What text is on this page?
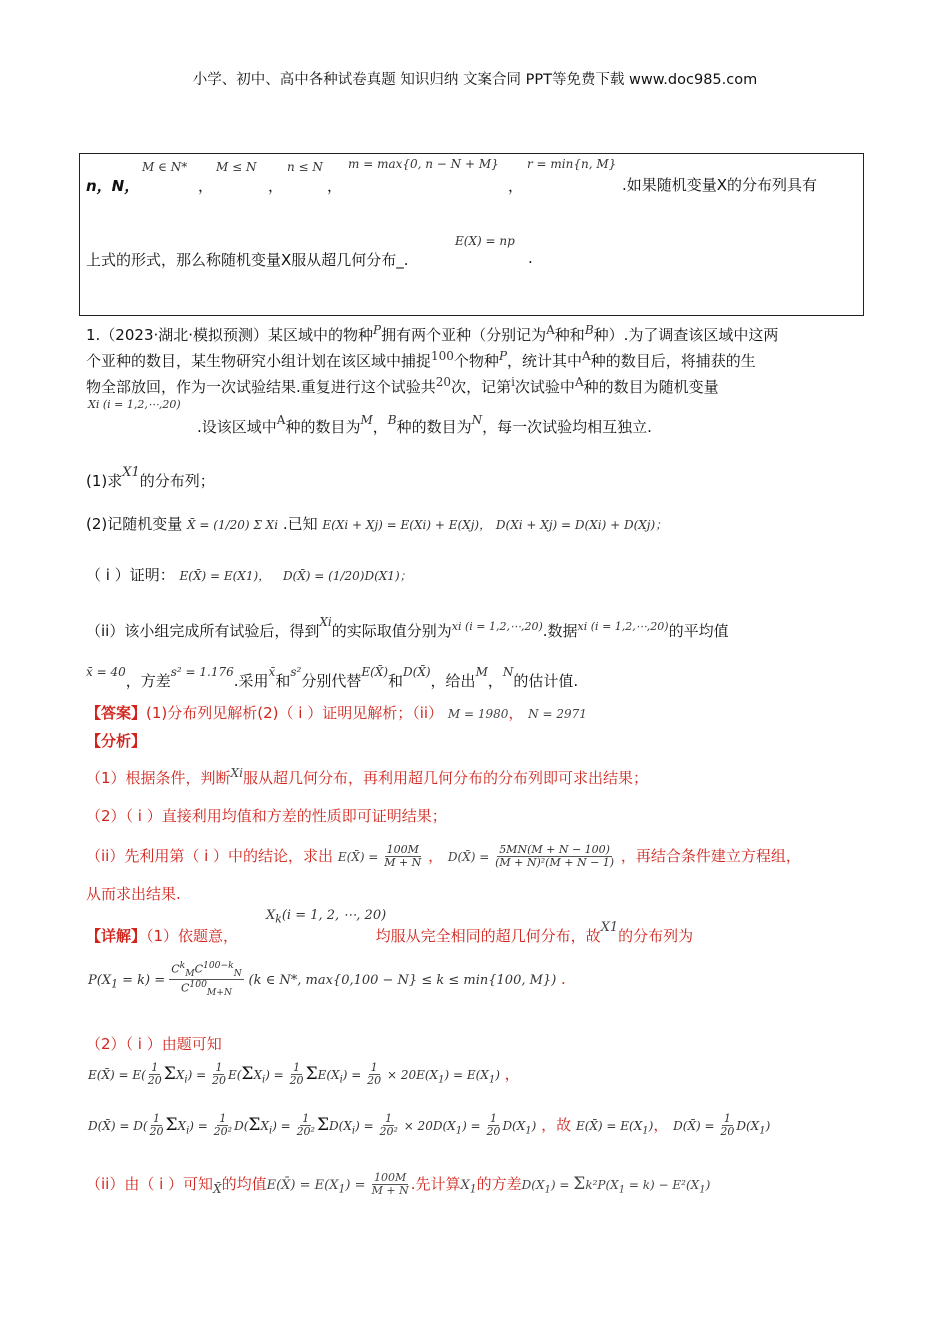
小学、初中、高中各种试卷真题 知识归纳 文案合同 PPT等免费下载 www.doc985.com
n，N，
M ∈ N*
，
M ≤ N
，
n ≤ N
，
m = max{0, n − N + M}
，
r = min{n, M}
.如果随机变量X的分布列具有
上式的形式，那么称随机变量X服从超几何分布_.
E(X) = np
.
1.（2023·湖北·模拟预测）某区域中的物种$^P$拥有两个亚种（分别记为$^A$种和$^B$种）.为了调查该区域中这两
个亚种的数目，某生物研究小组计划在该区域中捕捉$^{100}$个物种$^P$，统计其中$^A$种的数目后，将捕获的生
物全部放回，作为一次试验结果.重复进行这个试验共$^{20}$次，记第$^i$次试验中$^A$种的数目为随机变量
Xi (i = 1,2,⋯,20)
.设该区域中$^A$种的数目为$^M$，$^B$种的数目为$^N$，每一次试验均相互独立.
(1)求X1的分布列；
(2)记随机变量 X̄ = (1/20) Σ Xi .已知 E(Xi + Xj) = E(Xi) + E(Xj)， D(Xi + Xj) = D(Xi) + D(Xj)；
（ i ）证明： E(X̄) = E(X1)， D(X̄) = (1/20)D(X1)；
（ii）该小组完成所有试验后，得到$^{Xi}$的实际取值分别为$^{xi (i = 1,2,\cdots,20)}$.数据$^{xi (i = 1,2,\cdots,20)}$的平均值
$^{x̄ = 40}$，方差$^{s^2 = 1.176}$.采用$^{x̄}$和$^{s^2}$分别代替$^{E(X̄)}$和$^{D(X̄)}$，给出$^M$，$^N$的估计值.
【答案】(1)分布列见解析(2)（ i ）证明见解析；（ii） M = 1980， N = 2971
【分析】
（1）根据条件，判断$^{Xi}$服从超几何分布，再利用超几何分布的分布列即可求出结果；
（2）（ i ）直接利用均值和方差的性质即可证明结果；
（ii）先利用第（ i ）中的结论，求出 E(X̄) = $\frac{100M}{M + N}$ ， D(X̄) = $\frac{5MN(M + N - 100)}{\text{(M + N)²(M + N − 1)}}$ ，再结合条件建立方程组，
从而求出结果.
$X_k(i = 1$, 2, ⋯, 20)
【详解】（1）依题意，	均服从完全相同的超几何分布，故X1的分布列为
$P(X_1 = k) = \frac{C^k_MC^{100-k}_N}{C^{100}_{M+N}} (k$ ∈ N*, max{0,100 − N} ≤ k ≤ min{100, M}) .
（2）（ i ）由题可知
E(X̄) = $E( \frac{1}{20} \Sigma X_i) = \frac{1}{20} E(\Sigma X_i) = \frac{1}{20} \Sigma E(X_i) = \frac{1}{20} \times 20E(X_1) = E(X_1)$ ，
D(X̄) = $D( \frac{1}{20} \Sigma X_i) = \frac{1}{\text{20²}} D(\Sigma X_i) = \frac{1}{\text{20²}} \Sigma D(X_i) = \frac{1}{\text{20²}} \times 20D(X_1) = \frac{1}{20} D(X_1)$ ，故 E(X̄) = $E(X_1)$， D(X̄) = $\frac{1}{20} D(X_1)$
（ii）由（ i ）可知$_{X̄}$的均值E(X̄) = $E(X_1) = \frac{100M}{M + N}$ .先计算$X_1$的方差$D(X_1) = \Sigma k^2P(X_1 = k) - E^2(X_1)$
